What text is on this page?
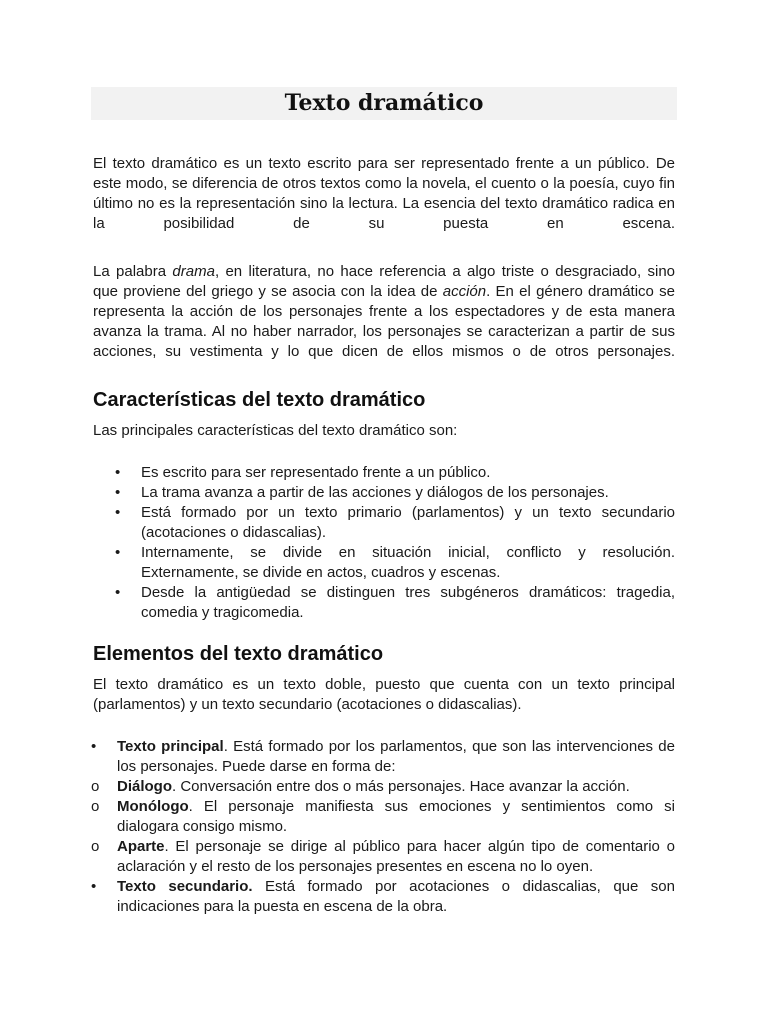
Texto dramático

El texto dramático es un texto escrito para ser representado frente a un público. De este modo, se diferencia de otros textos como la novela, el cuento o la poesía, cuyo fin último no es la representación sino la lectura. La esencia del texto dramático radica en la posibilidad de su puesta en escena.

La palabra drama, en literatura, no hace referencia a algo triste o desgraciado, sino que proviene del griego y se asocia con la idea de acción. En el género dramático se representa la acción de los personajes frente a los espectadores y de esta manera avanza la trama. Al no haber narrador, los personajes se caracterizan a partir de sus acciones, su vestimenta y lo que dicen de ellos mismos o de otros personajes.

Características del texto dramático

Las principales características del texto dramático son:

•
Es escrito para ser representado frente a un público.
•
La trama avanza a partir de las acciones y diálogos de los personajes.
•
Está formado por un texto primario (parlamentos) y un texto secundario (acotaciones o didascalias).
•
Internamente, se divide en situación inicial, conflicto y resolución. Externamente, se divide en actos, cuadros y escenas.
•
Desde la antigüedad se distinguen tres subgéneros dramáticos: tragedia, comedia y tragicomedia.
Elementos del texto dramático

El texto dramático es un texto doble, puesto que cuenta con un texto principal (parlamentos) y un texto secundario (acotaciones o didascalias).

•
Texto principal. Está formado por los parlamentos, que son las intervenciones de los personajes. Puede darse en forma de:
o
Diálogo. Conversación entre dos o más personajes. Hace avanzar la acción.
o
Monólogo. El personaje manifiesta sus emociones y sentimientos como si dialogara consigo mismo.
o
Aparte. El personaje se dirige al público para hacer algún tipo de comentario o aclaración y el resto de los personajes presentes en escena no lo oyen.
•
Texto secundario. Está formado por acotaciones o didascalias, que son indicaciones para la puesta en escena de la obra.
